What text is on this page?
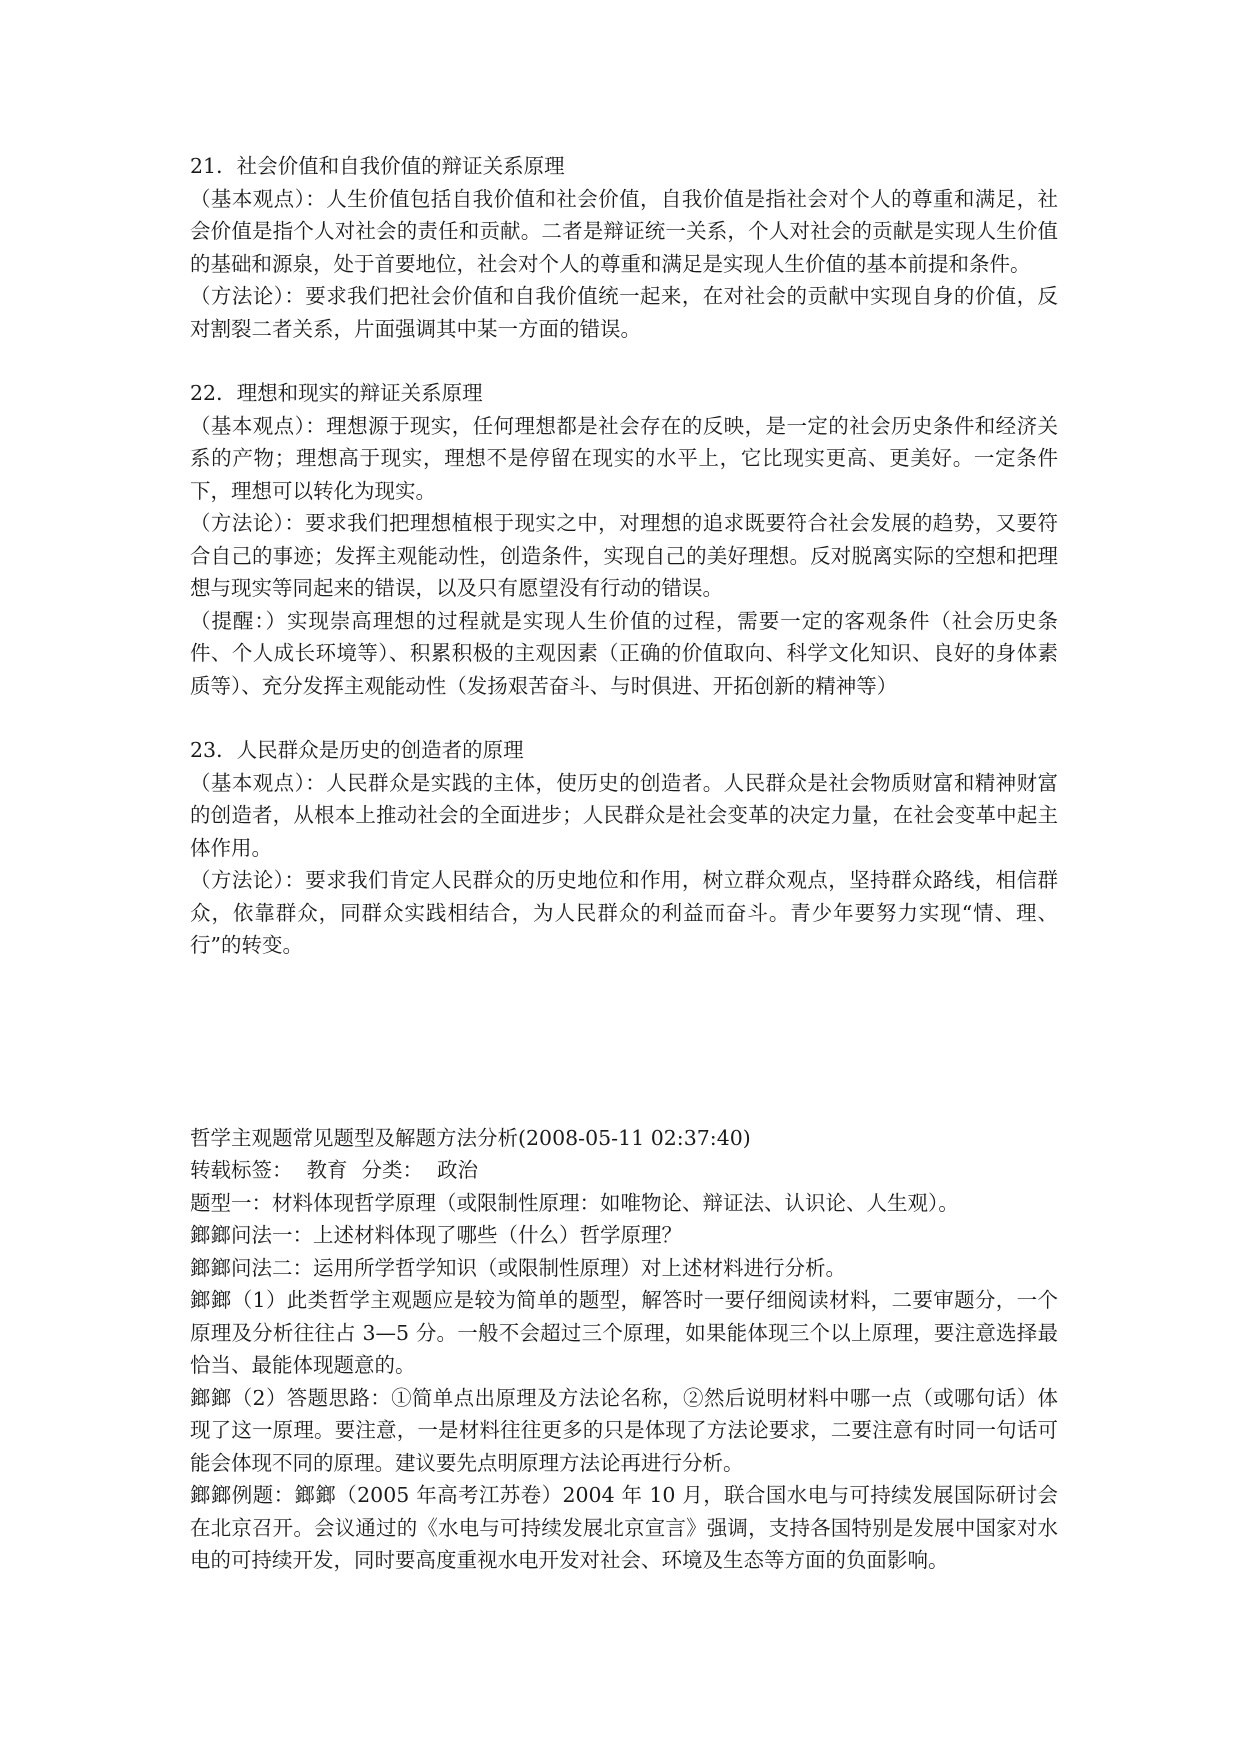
21．社会价值和自我价值的辩证关系原理

（基本观点）：人生价值包括自我价值和社会价值，自我价值是指社会对个人的尊重和满足，社会价值是指个人对社会的责任和贡献。二者是辩证统一关系，个人对社会的贡献是实现人生价值的基础和源泉，处于首要地位，社会对个人的尊重和满足是实现人生价值的基本前提和条件。

（方法论）：要求我们把社会价值和自我价值统一起来，在对社会的贡献中实现自身的价值，反对割裂二者关系，片面强调其中某一方面的错误。

22．理想和现实的辩证关系原理

（基本观点）：理想源于现实，任何理想都是社会存在的反映，是一定的社会历史条件和经济关系的产物；理想高于现实，理想不是停留在现实的水平上，它比现实更高、更美好。一定条件下，理想可以转化为现实。

（方法论）：要求我们把理想植根于现实之中，对理想的追求既要符合社会发展的趋势，又要符合自己的事迹；发挥主观能动性，创造条件，实现自己的美好理想。反对脱离实际的空想和把理想与现实等同起来的错误，以及只有愿望没有行动的错误。

（提醒：）实现崇高理想的过程就是实现人生价值的过程，需要一定的客观条件（社会历史条件、个人成长环境等）、积累积极的主观因素（正确的价值取向、科学文化知识、良好的身体素质等）、充分发挥主观能动性（发扬艰苦奋斗、与时俱进、开拓创新的精神等）

23．人民群众是历史的创造者的原理

（基本观点）：人民群众是实践的主体，使历史的创造者。人民群众是社会物质财富和精神财富的创造者，从根本上推动社会的全面进步；人民群众是社会变革的决定力量，在社会变革中起主体作用。

（方法论）：要求我们肯定人民群众的历史地位和作用，树立群众观点，坚持群众路线，相信群众，依靠群众，同群众实践相结合，为人民群众的利益而奋斗。青少年要努力实现“情、理、行”的转变。

哲学主观题常见题型及解题方法分析(2008-05-11 02:37:40)

转载标签： 教育 分类： 政治

题型一：材料体现哲学原理（或限制性原理：如唯物论、辩证法、认识论、人生观）。

鎯鎯问法一：上述材料体现了哪些（什么）哲学原理？

鎯鎯问法二：运用所学哲学知识（或限制性原理）对上述材料进行分析。

鎯鎯（1）此类哲学主观题应是较为简单的题型，解答时一要仔细阅读材料，二要审题分，一个原理及分析往往占 3—5 分。一般不会超过三个原理，如果能体现三个以上原理，要注意选择最恰当、最能体现题意的。

鎯鎯（2）答题思路：①简单点出原理及方法论名称，②然后说明材料中哪一点（或哪句话）体现了这一原理。要注意，一是材料往往更多的只是体现了方法论要求，二要注意有时同一句话可能会体现不同的原理。建议要先点明原理方法论再进行分析。

鎯鎯例题：鎯鎯（2005 年高考江苏卷）2004 年 10 月，联合国水电与可持续发展国际研讨会在北京召开。会议通过的《水电与可持续发展北京宣言》强调，支持各国特别是发展中国家对水电的可持续开发，同时要高度重视水电开发对社会、环境及生态等方面的负面影响。
